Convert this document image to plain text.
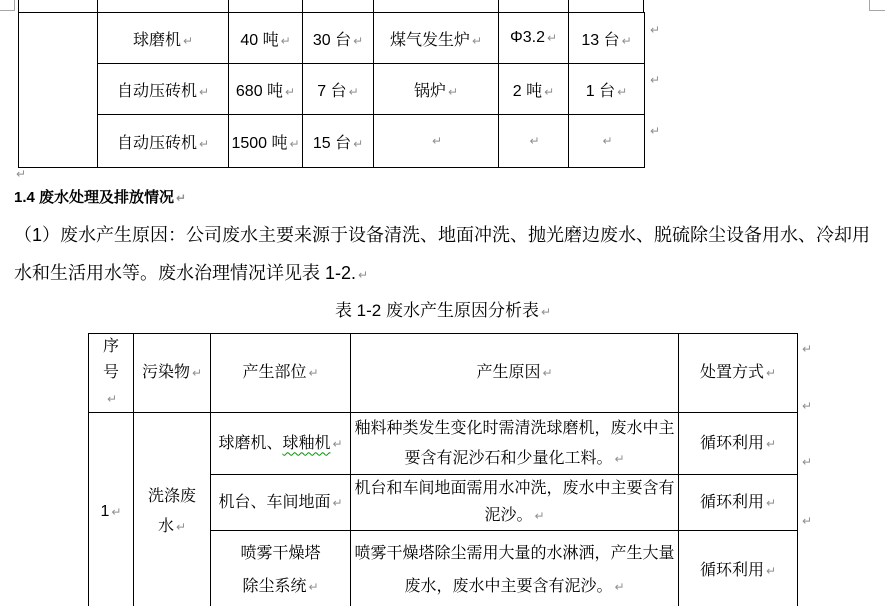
	球磨机 ↵	40 吨 ↵	30 台 ↵	煤气发生炉 ↵	Φ3.2 ↵	13 台 ↵
	自动压砖机 ↵	680 吨 ↵	7 台 ↵	锅炉 ↵	2 吨 ↵	1 台 ↵
	自动压砖机 ↵	1500 吨 ↵	15 台 ↵	↵	↵	↵
↵
↵
↵
↵
1.4 废水处理及排放情况 ↵
（1）废水产生原因：公司废水主要来源于设备清洗、地面冲洗、抛光磨边废水、脱硫除尘设备用水、冷却用水和生活用水等。废水治理情况详见表 1-2. ↵
表 1-2 废水产生原因分析表 ↵
序号↵	污染物 ↵	产生部位 ↵	产生原因 ↵	处置方式 ↵
1 ↵	洗涤废水 ↵	球磨机、球釉机 ↵	釉料种类发生变化时需清洗球磨机，废水中主要含有泥沙石和少量化工料。 ↵	循环利用 ↵
		机台、车间地面 ↵	机台和车间地面需用水冲洗，废水中主要含有泥沙。 ↵	循环利用 ↵
		喷雾干燥塔除尘系统 ↵	喷雾干燥塔除尘需用大量的水淋洒，产生大量废水，废水中主要含有泥沙。 ↵	循环利用 ↵
↵
↵
↵
↵
